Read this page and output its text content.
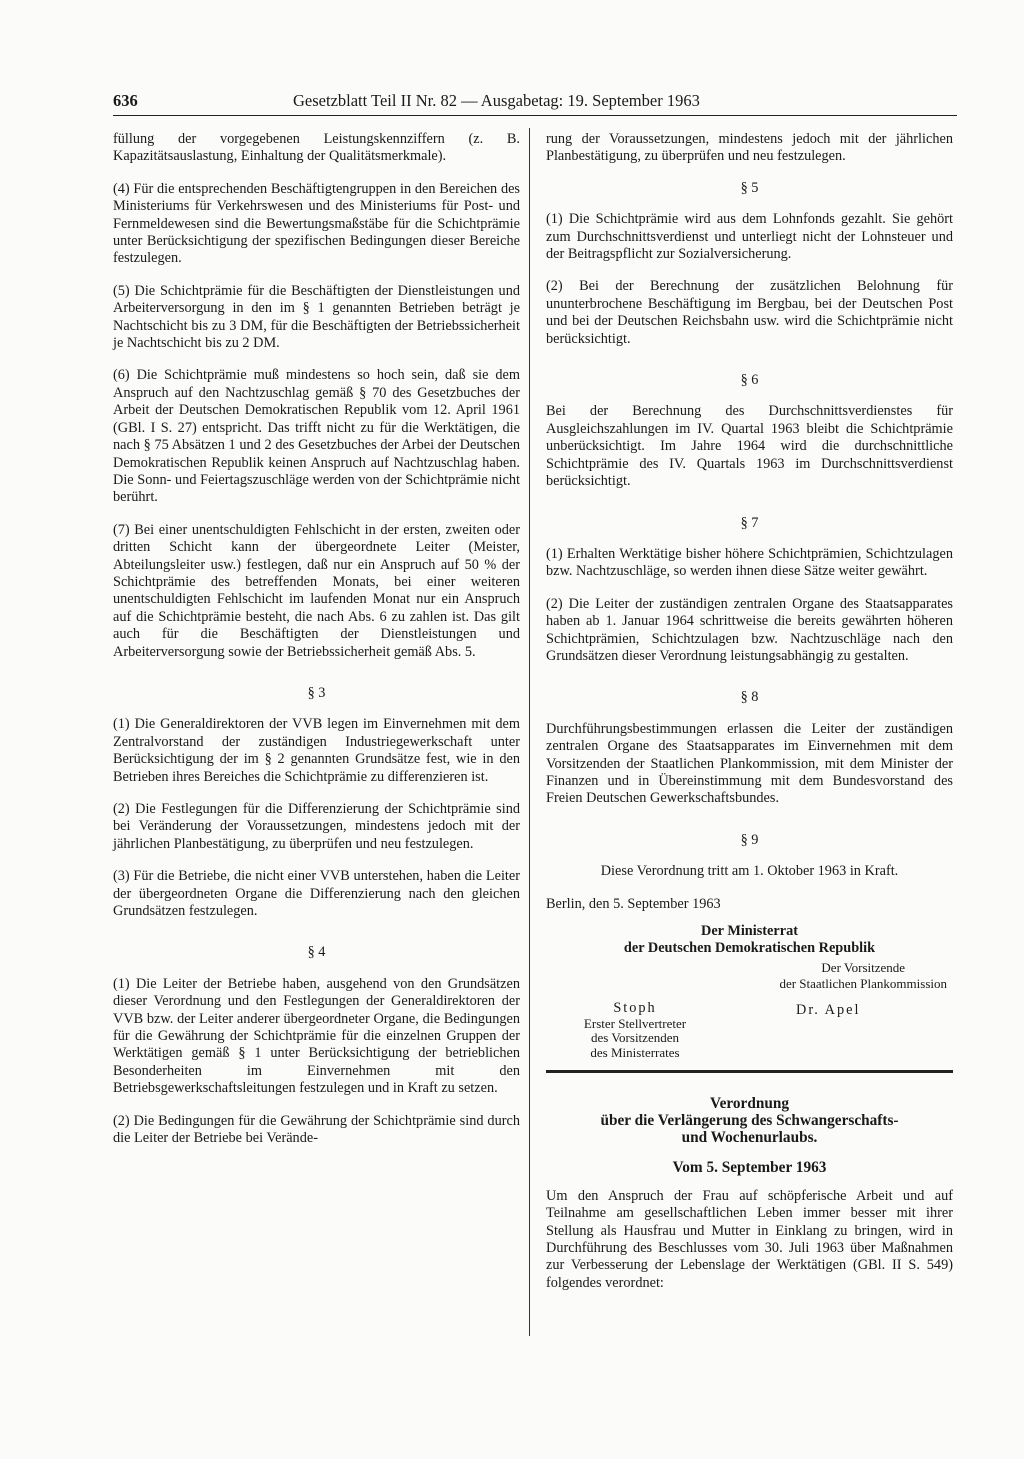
636	Gesetzblatt Teil II Nr. 82 — Ausgabetag: 19. September 1963

füllung der vorgegebenen Leistungskennziffern (z. B. Kapazitätsauslastung, Einhaltung der Qualitätsmerkmale).

(4) Für die entsprechenden Beschäftigtengruppen in den Bereichen des Ministeriums für Verkehrswesen und des Ministeriums für Post- und Fernmeldewesen sind die Bewertungsmaßstäbe für die Schichtprämie unter Berücksichtigung der spezifischen Bedingungen dieser Bereiche festzulegen.

(5) Die Schichtprämie für die Beschäftigten der Dienstleistungen und Arbeiterversorgung in den im § 1 genannten Betrieben beträgt je Nachtschicht bis zu 3 DM, für die Beschäftigten der Betriebssicherheit je Nachtschicht bis zu 2 DM.

(6) Die Schichtprämie muß mindestens so hoch sein, daß sie dem Anspruch auf den Nachtzuschlag gemäß § 70 des Gesetzbuches der Arbeit der Deutschen Demokratischen Republik vom 12. April 1961 (GBl. I S. 27) entspricht. Das trifft nicht zu für die Werktätigen, die nach § 75 Absätzen 1 und 2 des Gesetzbuches der Arbei der Deutschen Demokratischen Republik keinen Anspruch auf Nachtzuschlag haben. Die Sonn- und Feiertagszuschläge werden von der Schichtprämie nicht berührt.

(7) Bei einer unentschuldigten Fehlschicht in der ersten, zweiten oder dritten Schicht kann der übergeordnete Leiter (Meister, Abteilungsleiter usw.) festlegen, daß nur ein Anspruch auf 50 % der Schichtprämie des betreffenden Monats, bei einer weiteren unentschuldigten Fehlschicht im laufenden Monat nur ein Anspruch auf die Schichtprämie besteht, die nach Abs. 6 zu zahlen ist. Das gilt auch für die Beschäftigten der Dienstleistungen und Arbeiterversorgung sowie der Betriebssicherheit gemäß Abs. 5.

§ 3

(1) Die Generaldirektoren der VVB legen im Einvernehmen mit dem Zentralvorstand der zuständigen Industriegewerkschaft unter Berücksichtigung der im § 2 genannten Grundsätze fest, wie in den Betrieben ihres Bereiches die Schichtprämie zu differenzieren ist.

(2) Die Festlegungen für die Differenzierung der Schichtprämie sind bei Veränderung der Voraussetzungen, mindestens jedoch mit der jährlichen Planbestätigung, zu überprüfen und neu festzulegen.

(3) Für die Betriebe, die nicht einer VVB unterstehen, haben die Leiter der übergeordneten Organe die Differenzierung nach den gleichen Grundsätzen festzulegen.

§ 4

(1) Die Leiter der Betriebe haben, ausgehend von den Grundsätzen dieser Verordnung und den Festlegungen der Generaldirektoren der VVB bzw. der Leiter anderer übergeordneter Organe, die Bedingungen für die Gewährung der Schichtprämie für die einzelnen Gruppen der Werktätigen gemäß § 1 unter Berücksichtigung der betrieblichen Besonderheiten im Einvernehmen mit den Betriebsgewerkschaftsleitungen festzulegen und in Kraft zu setzen.

(2) Die Bedingungen für die Gewährung der Schichtprämie sind durch die Leiter der Betriebe bei Verände-

rung der Voraussetzungen, mindestens jedoch mit der jährlichen Planbestätigung, zu überprüfen und neu festzulegen.

§ 5

(1) Die Schichtprämie wird aus dem Lohnfonds gezahlt. Sie gehört zum Durchschnittsverdienst und unterliegt nicht der Lohnsteuer und der Beitragspflicht zur Sozialversicherung.

(2) Bei der Berechnung der zusätzlichen Belohnung für ununterbrochene Beschäftigung im Bergbau, bei der Deutschen Post und bei der Deutschen Reichsbahn usw. wird die Schichtprämie nicht berücksichtigt.

§ 6

Bei der Berechnung des Durchschnittsverdienstes für Ausgleichszahlungen im IV. Quartal 1963 bleibt die Schichtprämie unberücksichtigt. Im Jahre 1964 wird die durchschnittliche Schichtprämie des IV. Quartals 1963 im Durchschnittsverdienst berücksichtigt.

§ 7

(1) Erhalten Werktätige bisher höhere Schichtprämien, Schichtzulagen bzw. Nachtzuschläge, so werden ihnen diese Sätze weiter gewährt.

(2) Die Leiter der zuständigen zentralen Organe des Staatsapparates haben ab 1. Januar 1964 schrittweise die bereits gewährten höheren Schichtprämien, Schichtzulagen bzw. Nachtzuschläge nach den Grundsätzen dieser Verordnung leistungsabhängig zu gestalten.

§ 8

Durchführungsbestimmungen erlassen die Leiter der zuständigen zentralen Organe des Staatsapparates im Einvernehmen mit dem Vorsitzenden der Staatlichen Plankommission, mit dem Minister der Finanzen und in Übereinstimmung mit dem Bundesvorstand des Freien Deutschen Gewerkschaftsbundes.

§ 9

Diese Verordnung tritt am 1. Oktober 1963 in Kraft.

Berlin, den 5. September 1963

Der Ministerrat
der Deutschen Demokratischen Republik
Der Vorsitzende
der Staatlichen Plankommission
Stoph
Erster Stellvertreter
des Vorsitzenden
des Ministerrates
Dr. Apel
Verordnung
über die Verlängerung des Schwangerschafts-
und Wochenurlaubs.
Vom 5. September 1963

Um den Anspruch der Frau auf schöpferische Arbeit und auf Teilnahme am gesellschaftlichen Leben immer besser mit ihrer Stellung als Hausfrau und Mutter in Einklang zu bringen, wird in Durchführung des Beschlusses vom 30. Juli 1963 über Maßnahmen zur Verbesserung der Lebenslage der Werktätigen (GBl. II S. 549) folgendes verordnet:
